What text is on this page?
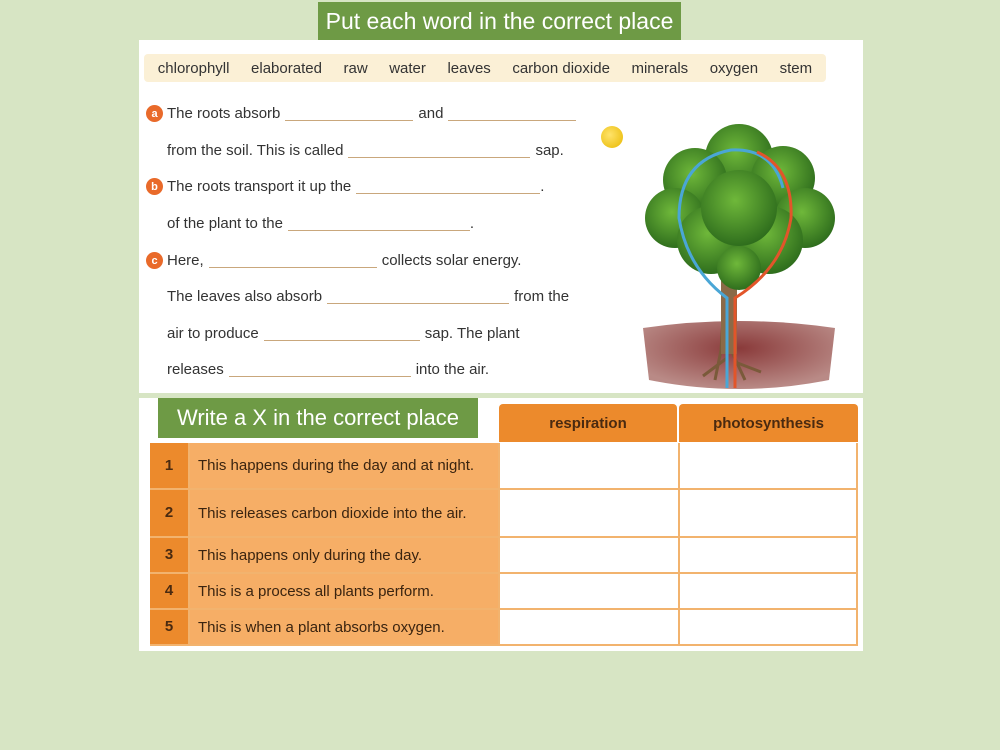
Put each word in the correct place
chlorophyll elaborated raw water leaves carbon dioxide minerals oxygen stem
a The roots absorb	and
from the soil. This is called	sap.
b The roots transport it up the	.
of the plant to the	.
c Here,	collects solar energy.
The leaves also absorb	from the
air to produce	sap. The plant
releases	into the air.
Write a X in the correct place	respiration	photosynthesis
1	This happens during the day and at night.
2	This releases carbon dioxide into the air.
3	This happens only during the day.
4	This is a process all plants perform.
5	This is when a plant absorbs oxygen.
